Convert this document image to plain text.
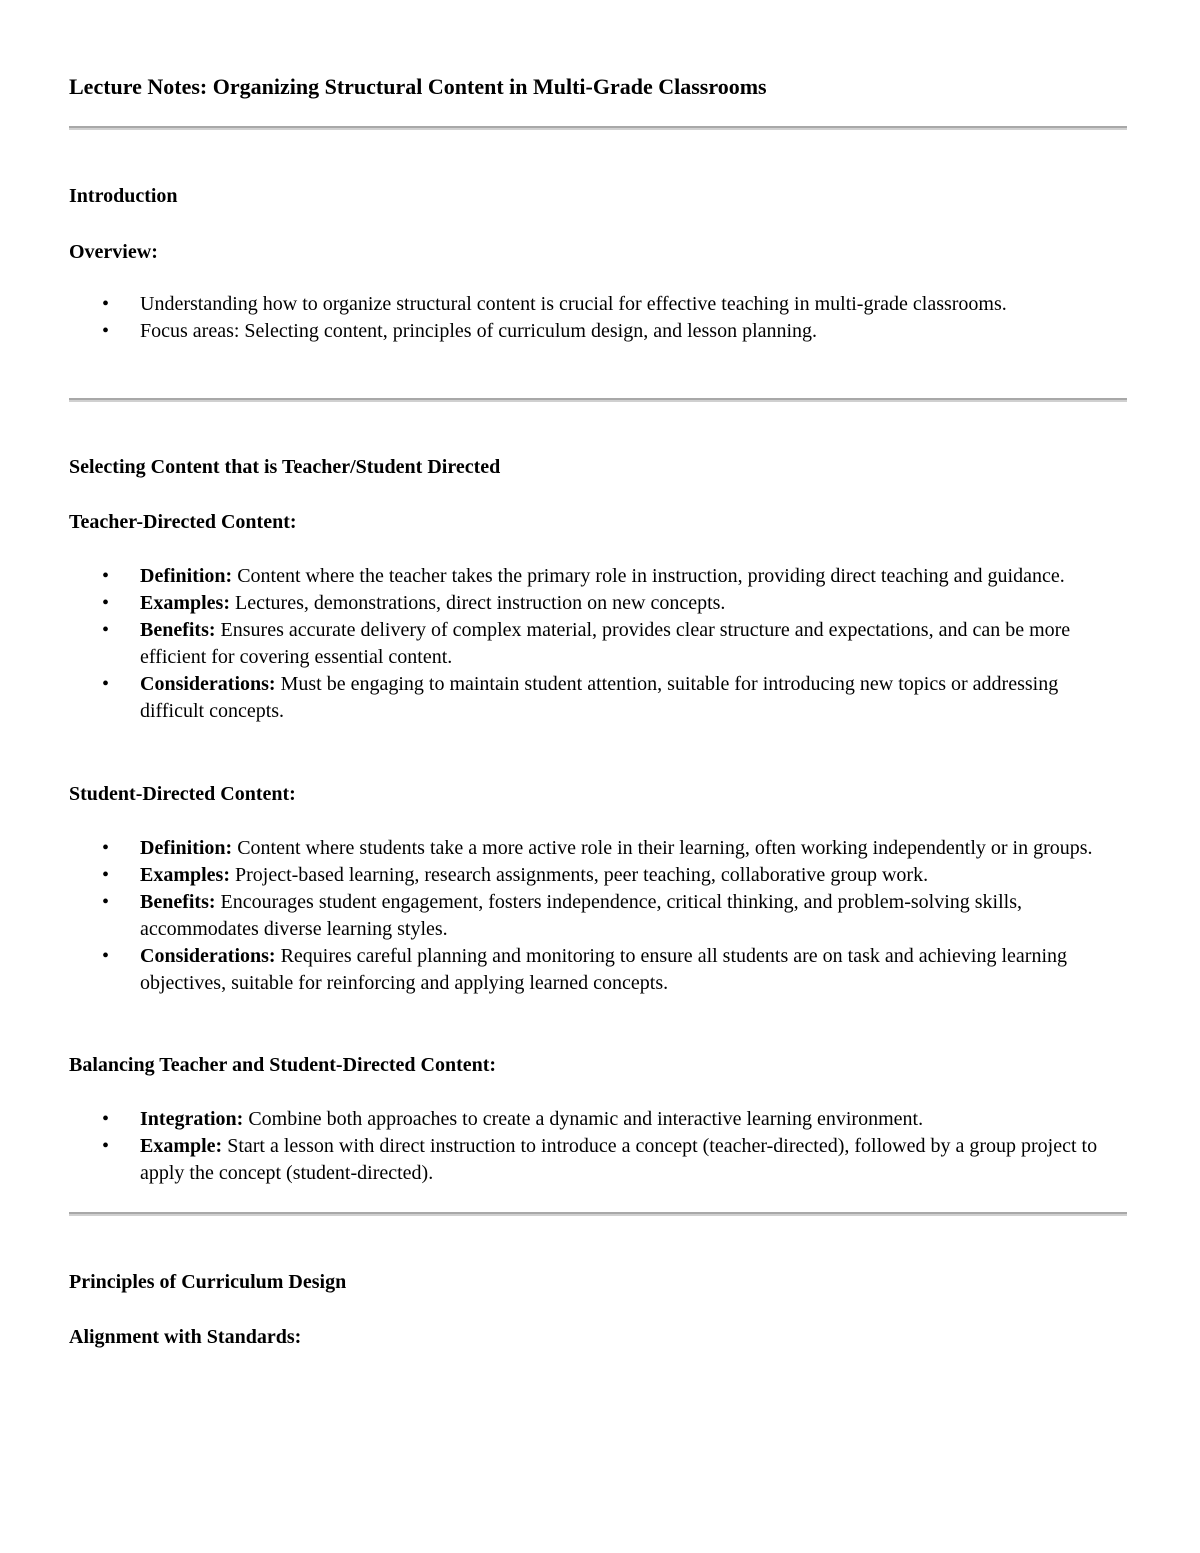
Lecture Notes: Organizing Structural Content in Multi-Grade Classrooms
Introduction
Overview:
• Understanding how to organize structural content is crucial for effective teaching in multi-grade classrooms.
• Focus areas: Selecting content, principles of curriculum design, and lesson planning.
Selecting Content that is Teacher/Student Directed
Teacher-Directed Content:
• Definition: Content where the teacher takes the primary role in instruction, providing direct teaching and guidance.
• Examples: Lectures, demonstrations, direct instruction on new concepts.
• Benefits: Ensures accurate delivery of complex material, provides clear structure and expectations, and can be more efficient for covering essential content.
• Considerations: Must be engaging to maintain student attention, suitable for introducing new topics or addressing difficult concepts.
Student-Directed Content:
• Definition: Content where students take a more active role in their learning, often working independently or in groups.
• Examples: Project-based learning, research assignments, peer teaching, collaborative group work.
• Benefits: Encourages student engagement, fosters independence, critical thinking, and problem-solving skills, accommodates diverse learning styles.
• Considerations: Requires careful planning and monitoring to ensure all students are on task and achieving learning objectives, suitable for reinforcing and applying learned concepts.
Balancing Teacher and Student-Directed Content:
• Integration: Combine both approaches to create a dynamic and interactive learning environment.
• Example: Start a lesson with direct instruction to introduce a concept (teacher-directed), followed by a group project to apply the concept (student-directed).
Principles of Curriculum Design
Alignment with Standards:
